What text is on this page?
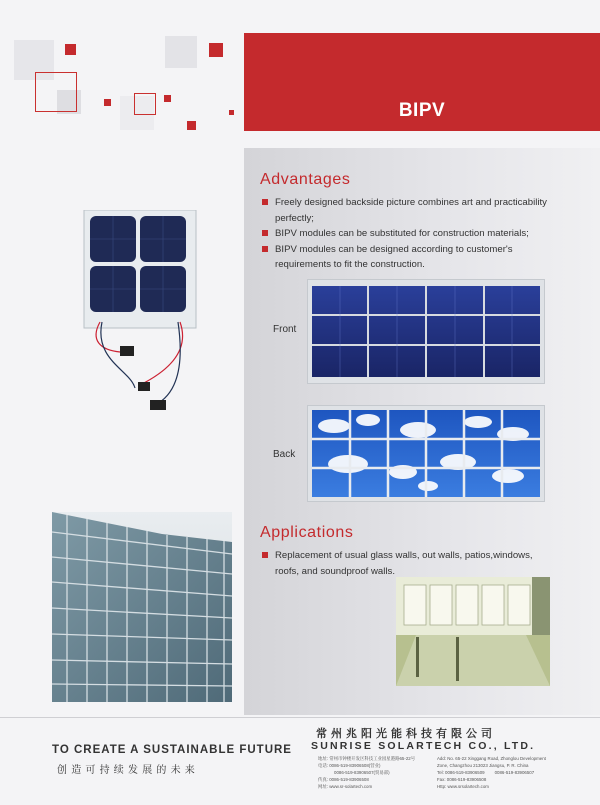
BIPV
Advantages
Freely designed backside picture combines art and practicability perfectly;
BIPV modules can be substituted for construction materials;
BIPV modules can be designed according to customer's requirements to fit the construction.
Front
Back
Applications
Replacement of usual glass walls, out walls, patios,windows, roofs, and soundproof walls.
TO CREATE A SUSTAINABLE FUTURE
创造可持续发展的未来
常州兆阳光能科技有限公司
SUNRISE SOLARTECH CO., LTD.
地址: 常州市钟楼开发区科技工业园星港路65-22号
电话: 0086-519-83906508(营业)
0086-519-83906507(贸易部)
传真: 0086-519-83906508
网址: www.sr-solartech.com
Add: No. 65-22 Xinggang Road, Zhonglou Development
Zone, Changzhou 213023 Jiangsu, P. R. China
Tel: 0086-519-83906509 0086-519-83906507
Fax: 0086-519-83906508
Http: www.srsolartech.com
